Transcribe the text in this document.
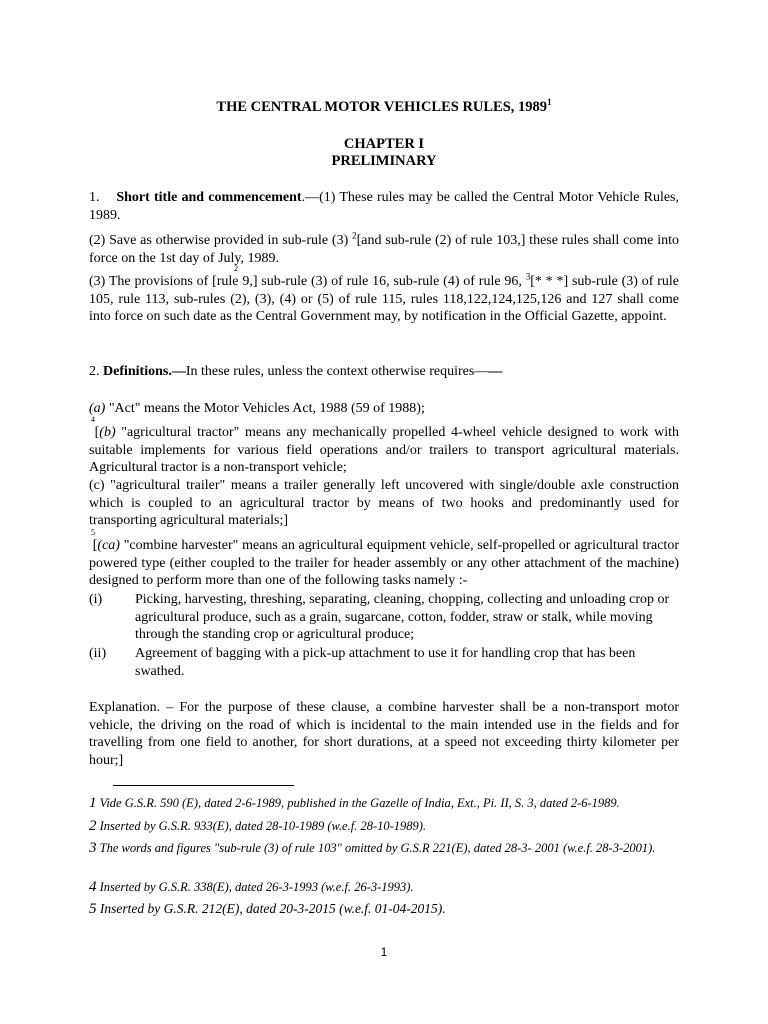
THE CENTRAL MOTOR VEHICLES RULES, 1989$^1$
CHAPTER I
PRELIMINARY
1. Short title and commencement.—(1) These rules may be called the Central Motor Vehicle Rules, 1989.
(2) Save as otherwise provided in sub-rule (3) $^2$[and sub-rule (2) of rule 103,] these rules shall come into force on the 1st day of July, 1989.
2
(3) The provisions of [rule 9,] sub-rule (3) of rule 16, sub-rule (4) of rule 96, $^3$[* * *] sub-rule (3) of rule 105, rule 113, sub-rules (2), (3), (4) or (5) of rule 115, rules 118,122,124,125,126 and 127 shall come into force on such date as the Central Government may, by notification in the Official Gazette, appoint.
2. Definitions.—In these rules, unless the context otherwise requires——
(a) "Act" means the Motor Vehicles Act, 1988 (59 of 1988);
4
[(b) "agricultural tractor" means any mechanically propelled 4-wheel vehicle designed to work with suitable implements for various field operations and/or trailers to transport agricultural materials. Agricultural tractor is a non-transport vehicle;
(c) "agricultural trailer" means a trailer generally left uncovered with single/double axle construction which is coupled to an agricultural tractor by means of two hooks and predominantly used for transporting agricultural materials;]
5
[(ca) "combine harvester" means an agricultural equipment vehicle, self-propelled or agricultural tractor powered type (either coupled to the trailer for header assembly or any other attachment of the machine) designed to perform more than one of the following tasks namely :-
(i) Picking, harvesting, threshing, separating, cleaning, chopping, collecting and unloading crop or agricultural produce, such as a grain, sugarcane, cotton, fodder, straw or stalk, while moving through the standing crop or agricultural produce;
(ii) Agreement of bagging with a pick-up attachment to use it for handling crop that has been swathed.
Explanation. – For the purpose of these clause, a combine harvester shall be a non-transport motor vehicle, the driving on the road of which is incidental to the main intended use in the fields and for travelling from one field to another, for short durations, at a speed not exceeding thirty kilometer per hour;]
1 Vide G.S.R. 590 (E), dated 2-6-1989, published in the Gazelle of India, Ext., Pi. II, S. 3, dated 2-6-1989.
2 Inserted by G.S.R. 933(E), dated 28-10-1989 (w.e.f. 28-10-1989).
3 The words and figures "sub-rule (3) of rule 103" omitted by G.S.R 221(E), dated 28-3- 2001 (w.e.f. 28-3-2001).
4 Inserted by G.S.R. 338(E), dated 26-3-1993 (w.e.f. 26-3-1993).
5 Inserted by G.S.R. 212(E), dated 20-3-2015 (w.e.f. 01-04-2015).
1
